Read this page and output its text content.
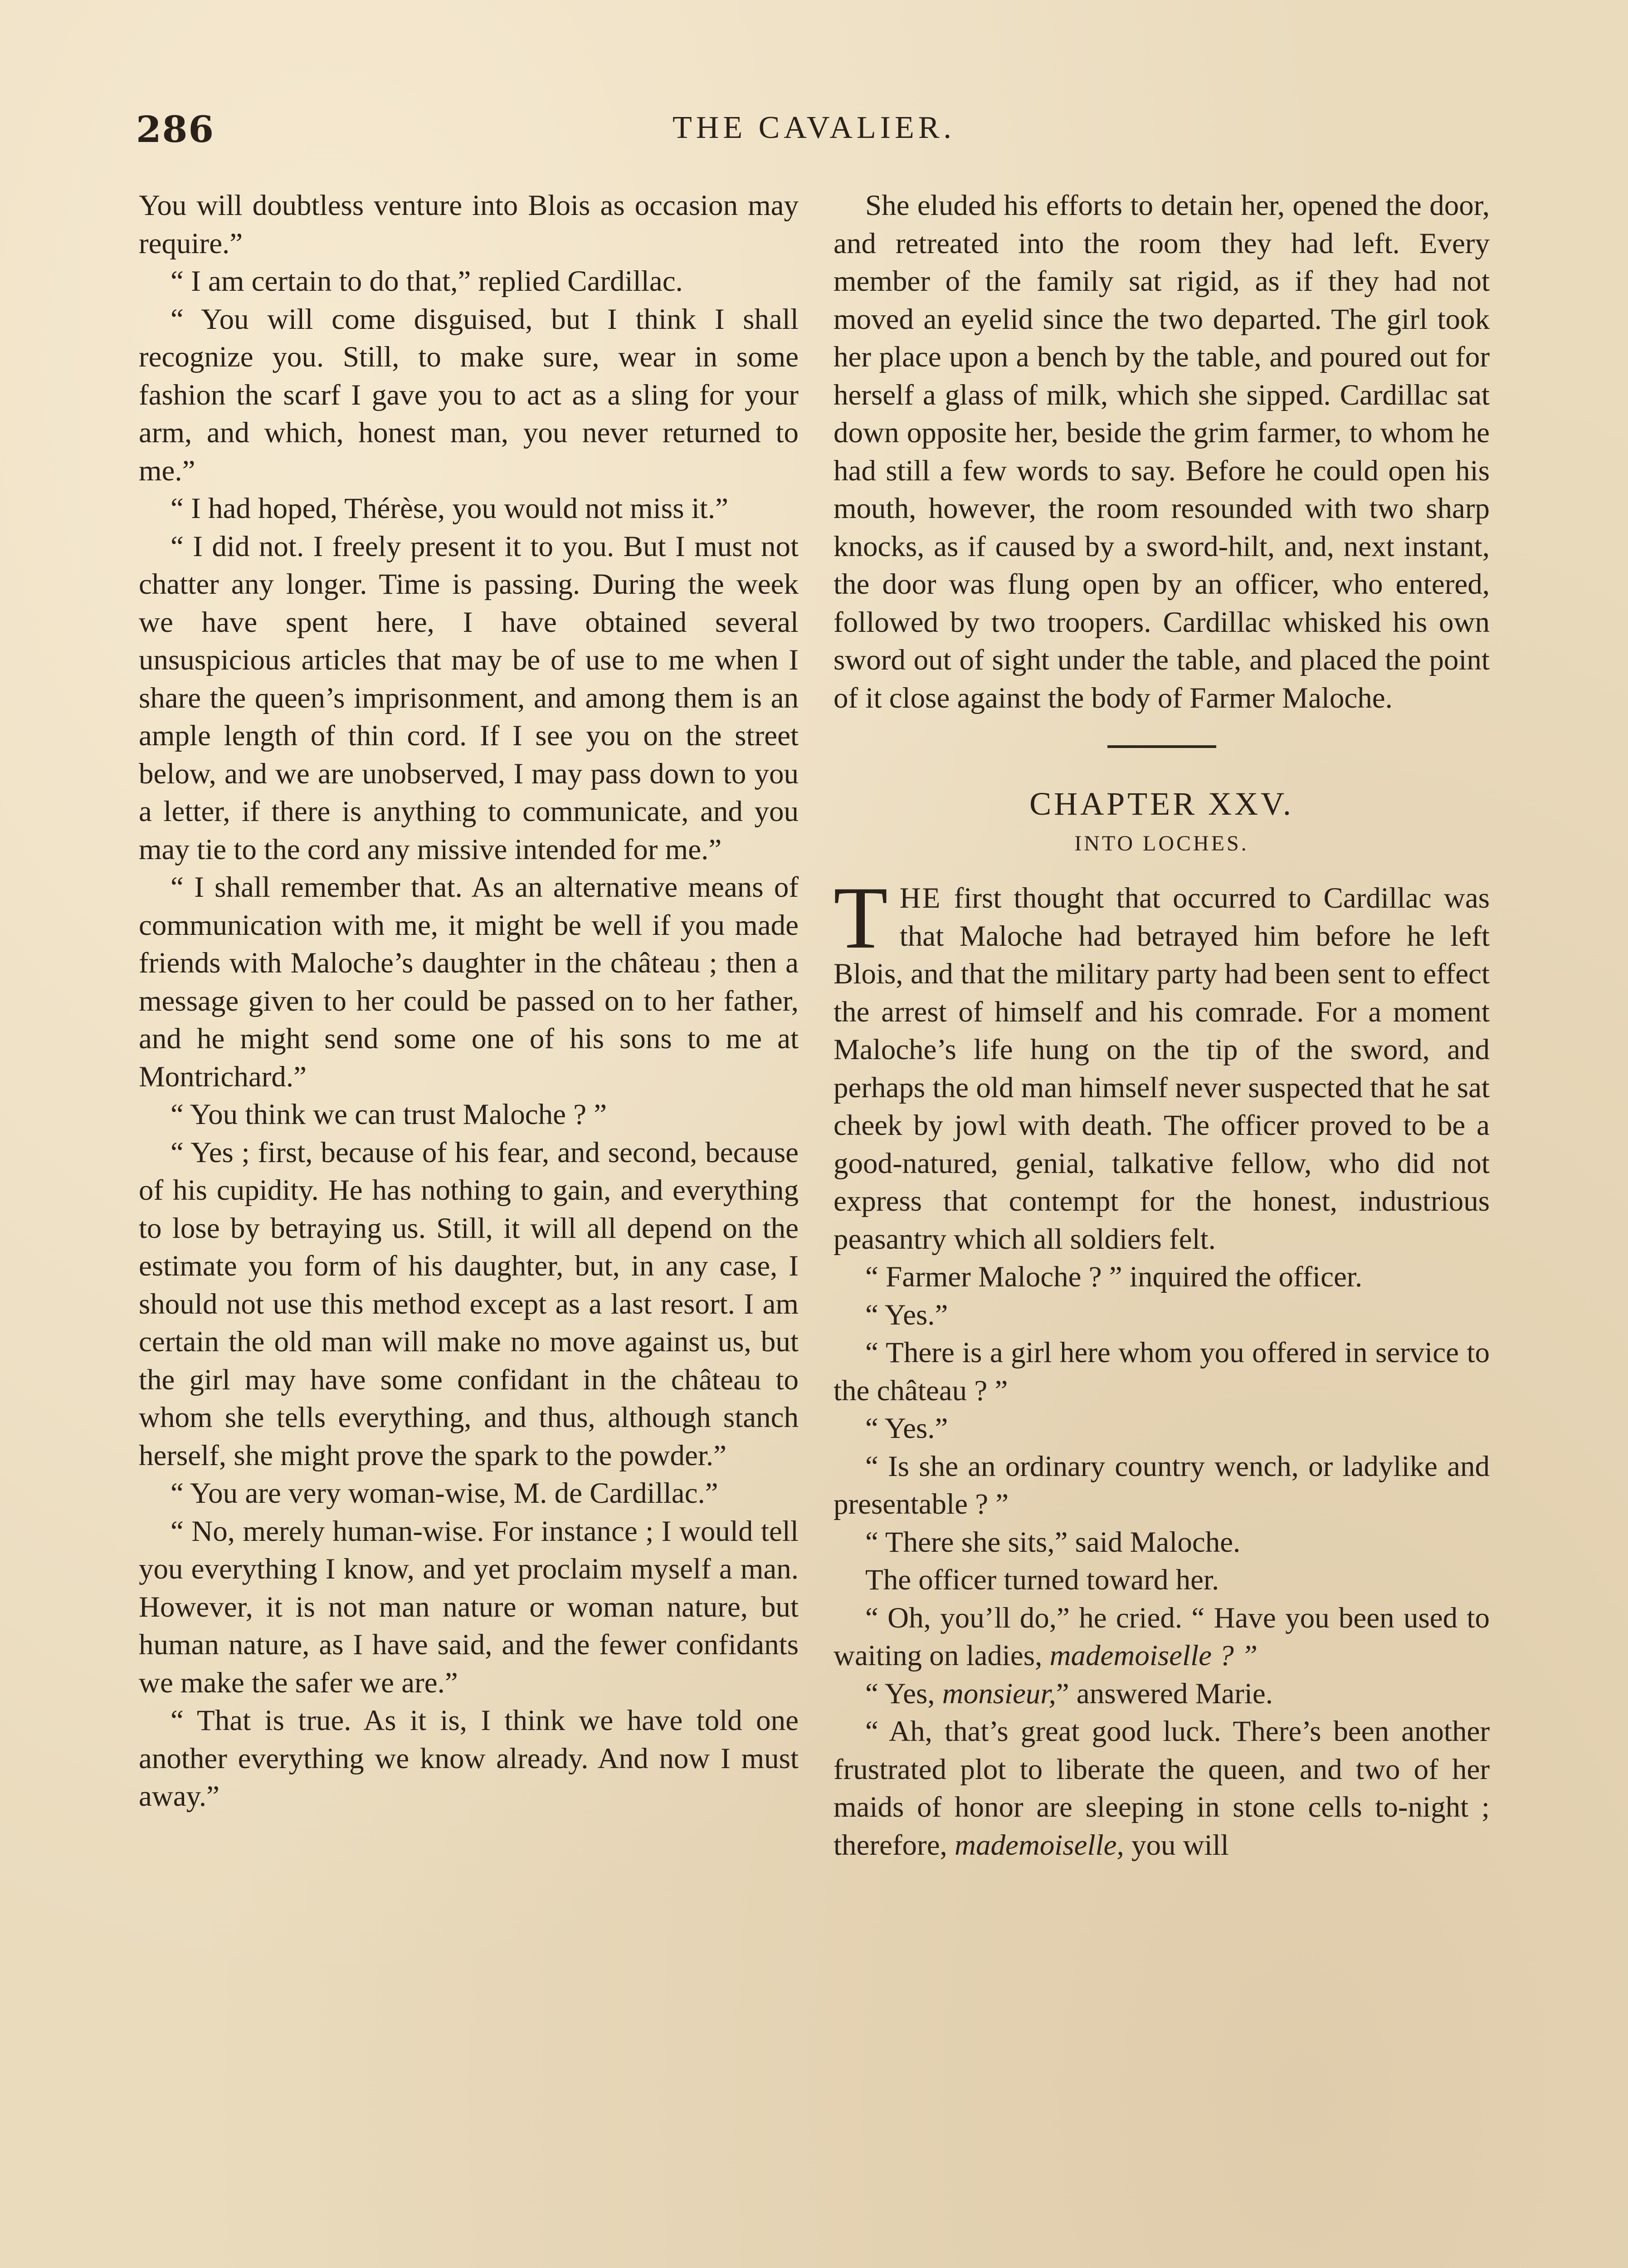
286	THE CAVALIER.

You will doubtless venture into Blois as occasion may require.”

“ I am certain to do that,” replied Cardillac.

“ You will come disguised, but I think I shall recognize you. Still, to make sure, wear in some fashion the scarf I gave you to act as a sling for your arm, and which, honest man, you never returned to me.”

“ I had hoped, Thérèse, you would not miss it.”

“ I did not. I freely present it to you. But I must not chatter any longer. Time is passing. During the week we have spent here, I have obtained several unsuspicious articles that may be of use to me when I share the queen’s imprisonment, and among them is an ample length of thin cord. If I see you on the street below, and we are unobserved, I may pass down to you a letter, if there is anything to communicate, and you may tie to the cord any missive intended for me.”

“ I shall remember that. As an alternative means of communication with me, it might be well if you made friends with Maloche’s daughter in the château ; then a message given to her could be passed on to her father, and he might send some one of his sons to me at Montrichard.”

“ You think we can trust Maloche ? ”

“ Yes ; first, because of his fear, and second, because of his cupidity. He has nothing to gain, and everything to lose by betraying us. Still, it will all depend on the estimate you form of his daughter, but, in any case, I should not use this method except as a last resort. I am certain the old man will make no move against us, but the girl may have some confidant in the château to whom she tells everything, and thus, although stanch herself, she might prove the spark to the powder.”

“ You are very woman-wise, M. de Cardillac.”

“ No, merely human-wise. For instance ; I would tell you everything I know, and yet proclaim myself a man. However, it is not man nature or woman nature, but human nature, as I have said, and the fewer confidants we make the safer we are.”

“ That is true. As it is, I think we have told one another everything we know already. And now I must away.”

She eluded his efforts to detain her, opened the door, and retreated into the room they had left. Every member of the family sat rigid, as if they had not moved an eyelid since the two departed. The girl took her place upon a bench by the table, and poured out for herself a glass of milk, which she sipped. Cardillac sat down opposite her, beside the grim farmer, to whom he had still a few words to say. Before he could open his mouth, however, the room resounded with two sharp knocks, as if caused by a sword-hilt, and, next instant, the door was flung open by an officer, who entered, followed by two troopers. Cardillac whisked his own sword out of sight under the table, and placed the point of it close against the body of Farmer Maloche.

CHAPTER XXV.
INTO LOCHES.

THE first thought that occurred to Cardillac was that Maloche had betrayed him before he left Blois, and that the military party had been sent to effect the arrest of himself and his comrade. For a moment Maloche’s life hung on the tip of the sword, and perhaps the old man himself never suspected that he sat cheek by jowl with death. The officer proved to be a good-natured, genial, talkative fellow, who did not express that contempt for the honest, industrious peasantry which all soldiers felt.

“ Farmer Maloche ? ” inquired the officer.

“ Yes.”

“ There is a girl here whom you offered in service to the château ? ”

“ Yes.”

“ Is she an ordinary country wench, or ladylike and presentable ? ”

“ There she sits,” said Maloche.

The officer turned toward her.

“ Oh, you’ll do,” he cried. “ Have you been used to waiting on ladies, mademoiselle ? ”

“ Yes, monsieur,” answered Marie.

“ Ah, that’s great good luck. There’s been another frustrated plot to liberate the queen, and two of her maids of honor are sleeping in stone cells to-night ; therefore, mademoiselle, you will
